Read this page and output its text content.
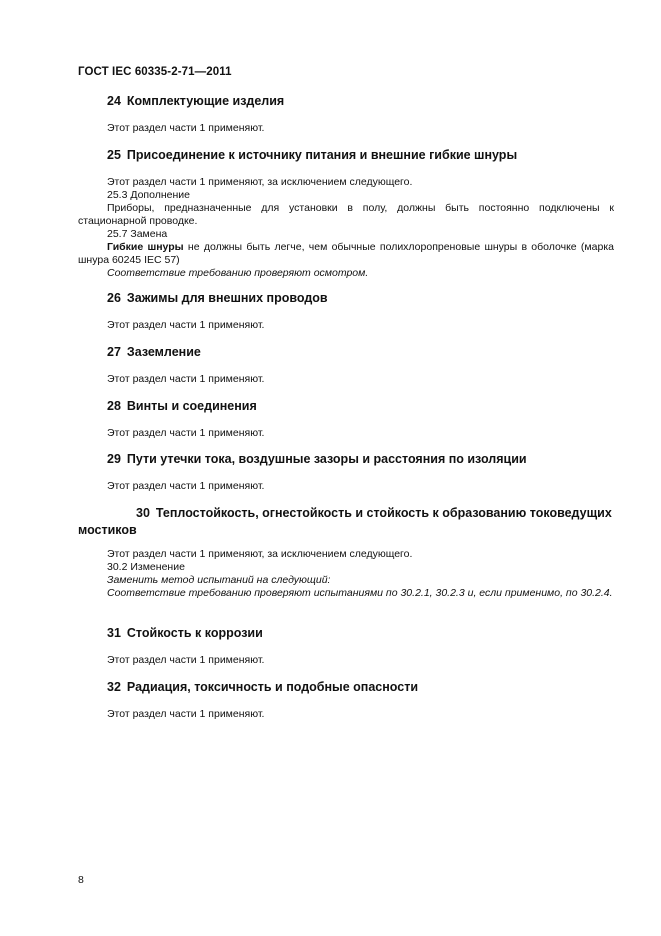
ГОСТ IEC 60335-2-71—2011
24 Комплектующие изделия

Этот раздел части 1 применяют.

25 Присоединение к источнику питания и внешние гибкие шнуры

Этот раздел части 1 применяют, за исключением следующего.

25.3 Дополнение

Приборы, предназначенные для установки в полу, должны быть постоянно подключены к стационарной проводке.

25.7 Замена

Гибкие шнуры не должны быть легче, чем обычные полихлоропреновые шнуры в оболочке (марка шнура 60245 IEC 57)

Соответствие требованию проверяют осмотром.

26 Зажимы для внешних проводов

Этот раздел части 1 применяют.

27 Заземление

Этот раздел части 1 применяют.

28 Винты и соединения

Этот раздел части 1 применяют.

29 Пути утечки тока, воздушные зазоры и расстояния по изоляции

Этот раздел части 1 применяют.

30 Теплостойкость, огнестойкость и стойкость к образованию токоведущих мостиков

Этот раздел части 1 применяют, за исключением следующего.

30.2 Изменение

Заменить метод испытаний на следующий:

Соответствие требованию проверяют испытаниями по 30.2.1, 30.2.3 и, если применимо, по 30.2.4.

31 Стойкость к коррозии

Этот раздел части 1 применяют.

32 Радиация, токсичность и подобные опасности

Этот раздел части 1 применяют.

8
